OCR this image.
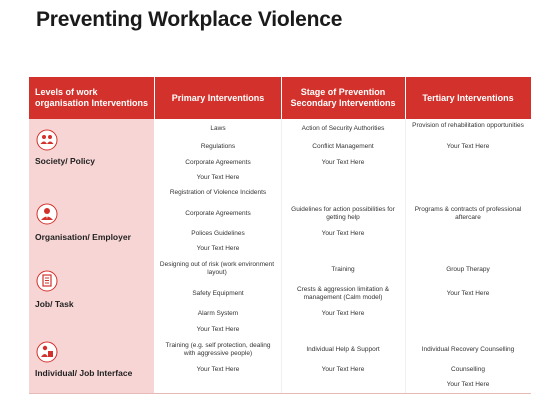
Preventing Workplace Violence
Levels of work organisation Interventions
Primary Interventions
Stage of Prevention Secondary Interventions
Tertiary Interventions
Society/ Policy
Organisation/ Employer
Job/ Task
Individual/ Job Interface
Laws
Regulations
Corporate Agreements
Your Text Here
Registration of Violence Incidents
Corporate Agreements
Polices Guidelines
Your Text Here
Designing out of risk (work environment layout)
Safety Equipment
Alarm System
Your Text Here
Training (e.g. self protection, dealing with aggressive people)
Your Text Here
Action of Security Authorities
Conflict Management
Your Text Here
Guidelines for action possibilities for getting help
Your Text Here
Training
Crests & aggression limitation & management (Calm model)
Your Text Here
Individual Help & Support
Your Text Here
Provision of rehabilitation opportunities
Your Text Here
Programs & contracts of professional aftercare
Group Therapy
Your Text Here
Individual Recovery Counselling
Counselling
Your Text Here
